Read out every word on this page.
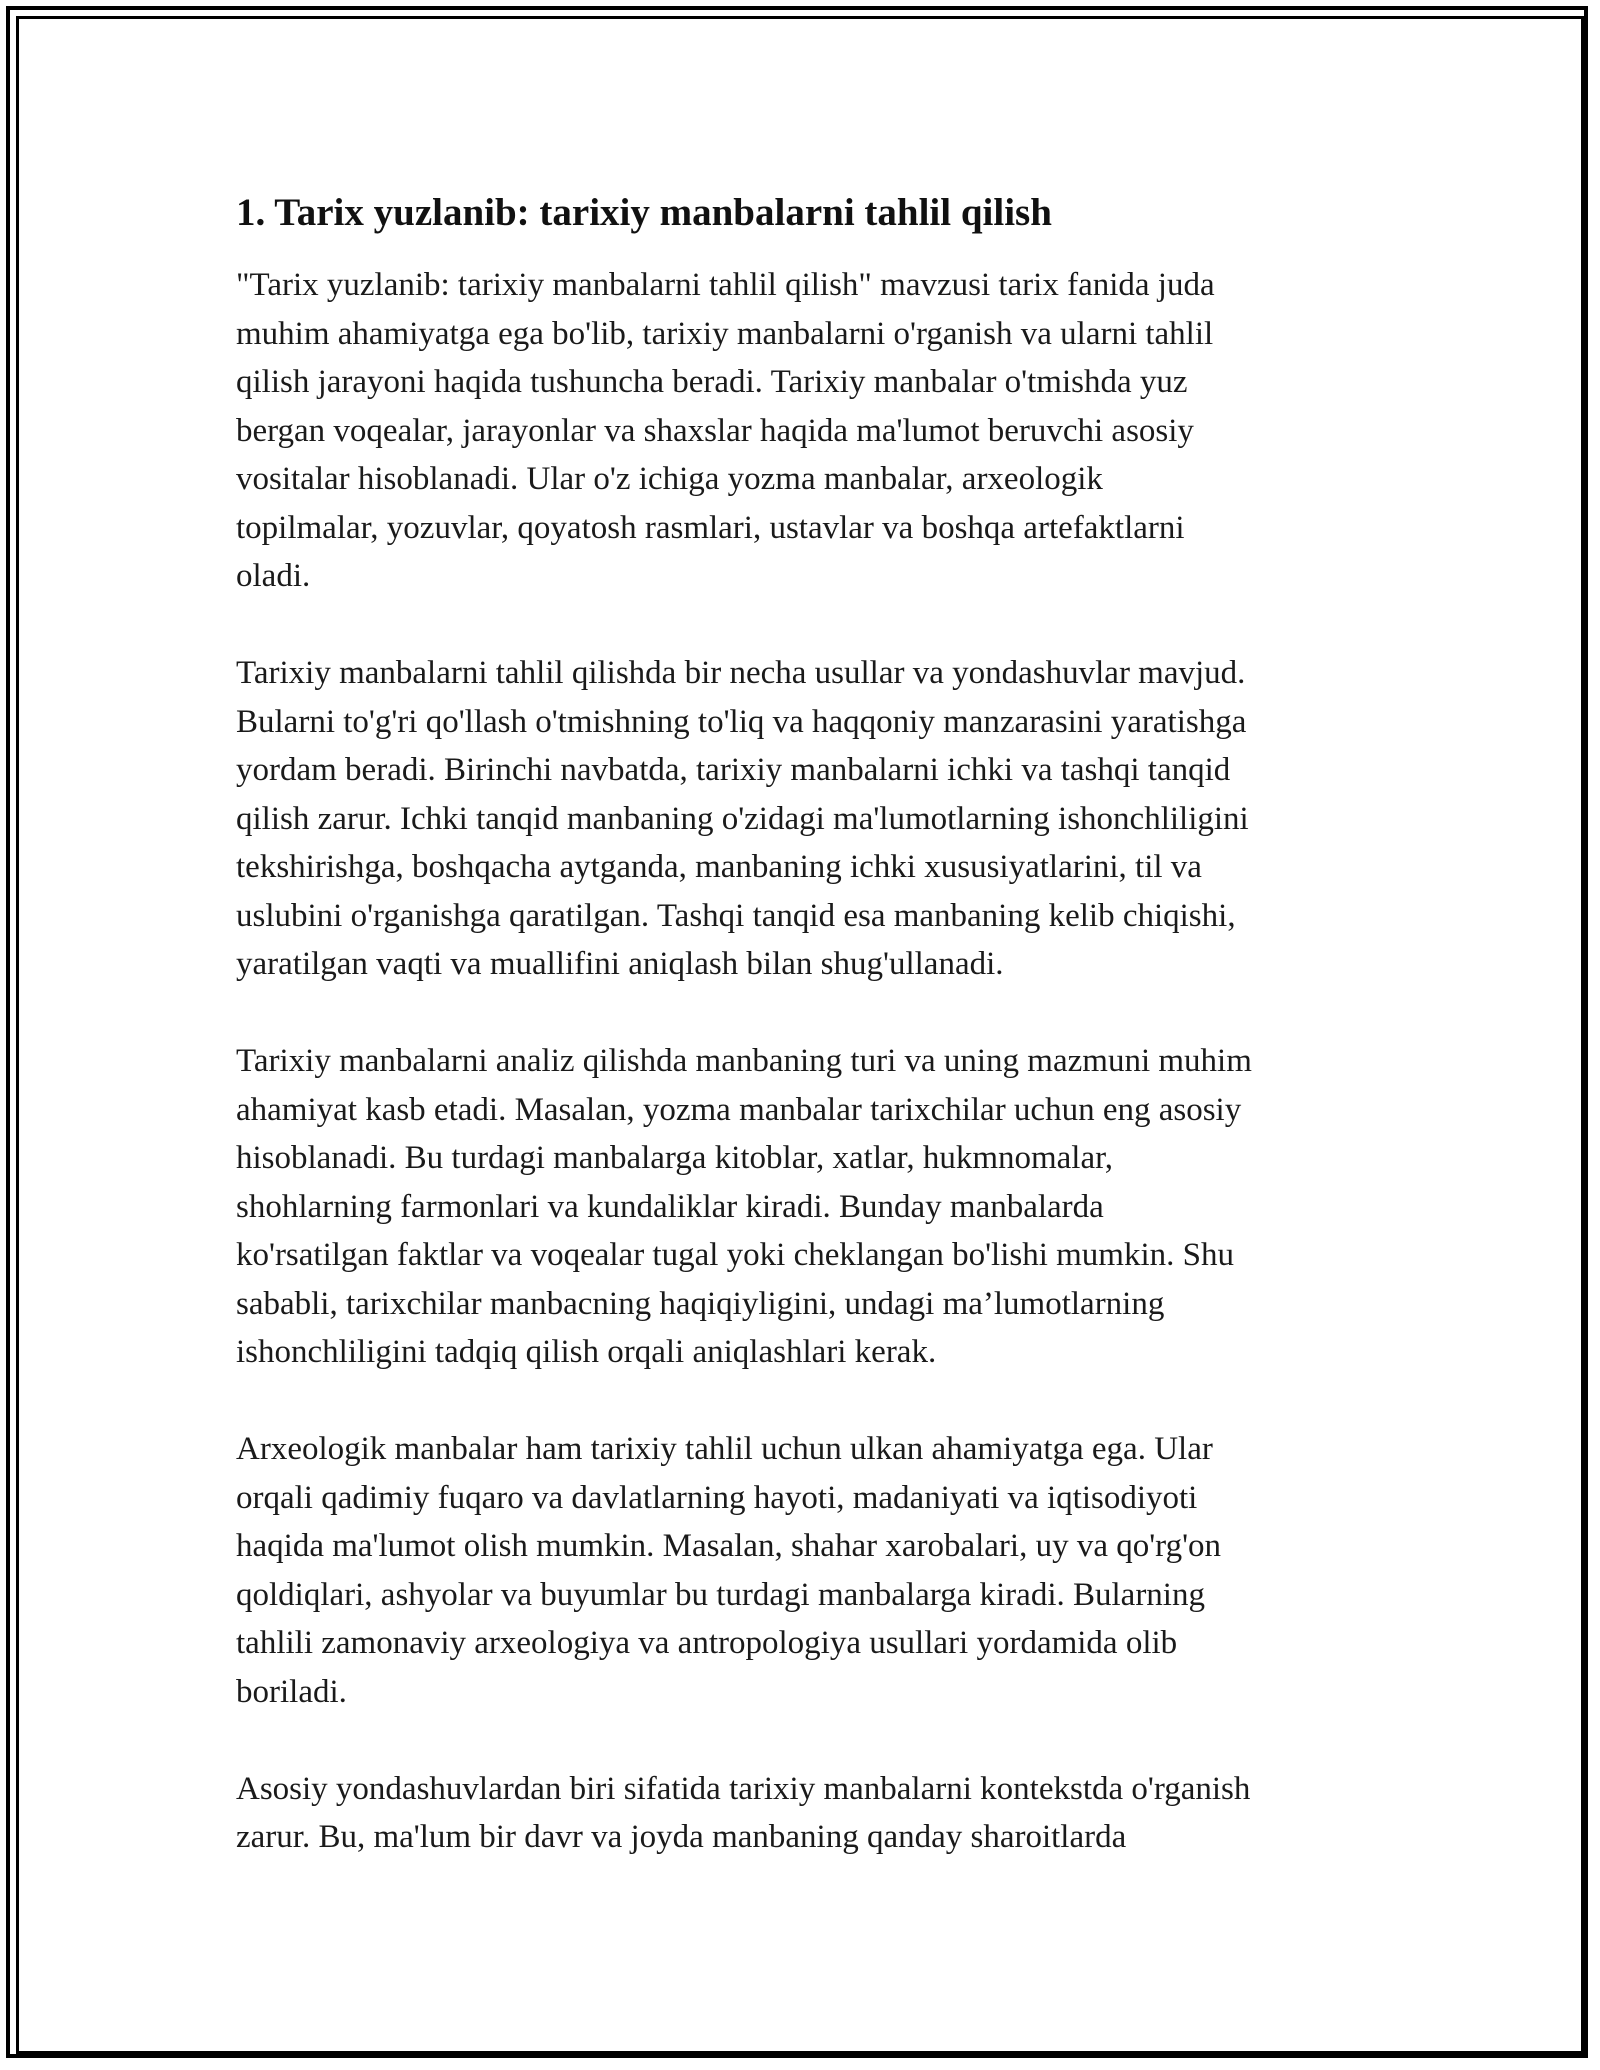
1. Tarix yuzlanib: tarixiy manbalarni tahlil qilish
"Tarix yuzlanib: tarixiy manbalarni tahlil qilish" mavzusi tarix fanida juda
muhim ahamiyatga ega bo'lib, tarixiy manbalarni o'rganish va ularni tahlil
qilish jarayoni haqida tushuncha beradi. Tarixiy manbalar o'tmishda yuz
bergan voqealar, jarayonlar va shaxslar haqida ma'lumot beruvchi asosiy
vositalar hisoblanadi. Ular o'z ichiga yozma manbalar, arxeologik
topilmalar, yozuvlar, qoyatosh rasmlari, ustavlar va boshqa artefaktlarni
oladi.
Tarixiy manbalarni tahlil qilishda bir necha usullar va yondashuvlar mavjud.
Bularni to'g'ri qo'llash o'tmishning to'liq va haqqoniy manzarasini yaratishga
yordam beradi. Birinchi navbatda, tarixiy manbalarni ichki va tashqi tanqid
qilish zarur. Ichki tanqid manbaning o'zidagi ma'lumotlarning ishonchliligini
tekshirishga, boshqacha aytganda, manbaning ichki xususiyatlarini, til va
uslubini o'rganishga qaratilgan. Tashqi tanqid esa manbaning kelib chiqishi,
yaratilgan vaqti va muallifini aniqlash bilan shug'ullanadi.
Tarixiy manbalarni analiz qilishda manbaning turi va uning mazmuni muhim
ahamiyat kasb etadi. Masalan, yozma manbalar tarixchilar uchun eng asosiy
hisoblanadi. Bu turdagi manbalarga kitoblar, xatlar, hukmnomalar,
shohlarning farmonlari va kundaliklar kiradi. Bunday manbalarda
ko'rsatilgan faktlar va voqealar tugal yoki cheklangan bo'lishi mumkin. Shu
sababli, tarixchilar manbacning haqiqiyligini, undagi ma’lumotlarning
ishonchliligini tadqiq qilish orqali aniqlashlari kerak.
Arxeologik manbalar ham tarixiy tahlil uchun ulkan ahamiyatga ega. Ular
orqali qadimiy fuqaro va davlatlarning hayoti, madaniyati va iqtisodiyoti
haqida ma'lumot olish mumkin. Masalan, shahar xarobalari, uy va qo'rg'on
qoldiqlari, ashyolar va buyumlar bu turdagi manbalarga kiradi. Bularning
tahlili zamonaviy arxeologiya va antropologiya usullari yordamida olib
boriladi.
Asosiy yondashuvlardan biri sifatida tarixiy manbalarni kontekstda o'rganish
zarur. Bu, ma'lum bir davr va joyda manbaning qanday sharoitlarda
